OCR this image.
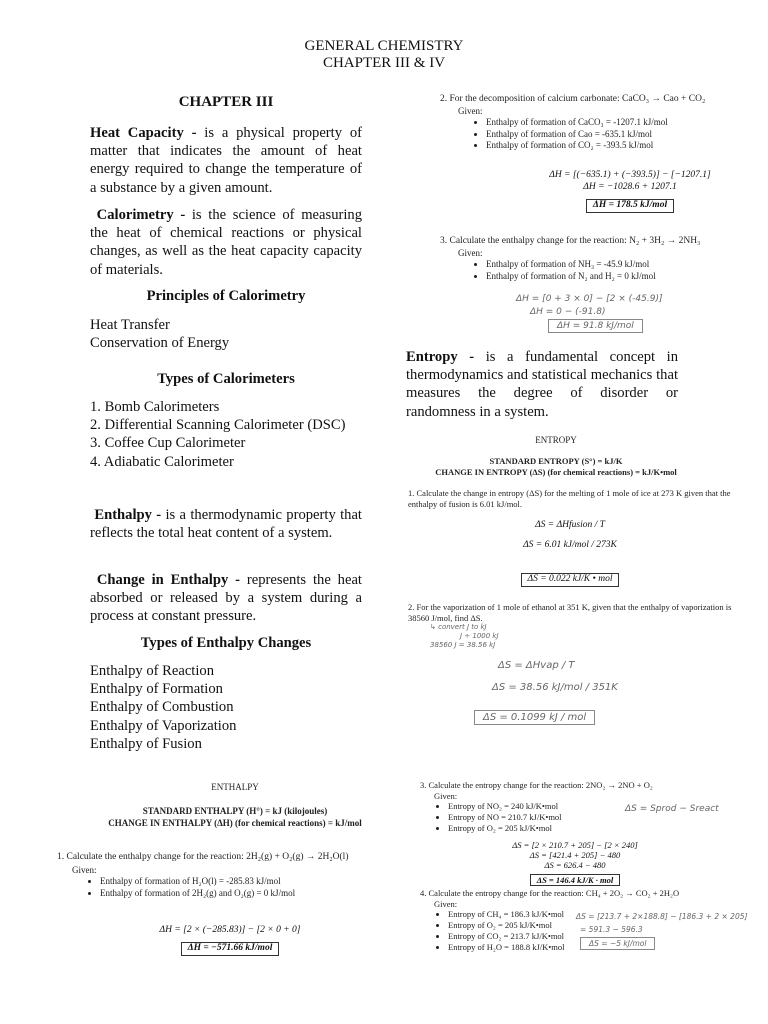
GENERAL CHEMISTRY
CHAPTER III & IV
CHAPTER III

Heat Capacity - is a physical property of matter that indicates the amount of heat energy required to change the temperature of a substance by a given amount.

Calorimetry - is the science of measuring the heat of chemical reactions or physical changes, as well as the heat capacity capacity of materials.

Principles of Calorimetry
Heat Transfer
Conservation of Energy
Types of Calorimeters
1. Bomb Calorimeters
2. Differential Scanning Calorimeter (DSC)
3. Coffee Cup Calorimeter
4. Adiabatic Calorimeter

Enthalpy - is a thermodynamic property that reflects the total heat content of a system.

Change in Enthalpy - represents the heat absorbed or released by a system during a process at constant pressure.

Types of Enthalpy Changes
Enthalpy of Reaction
Enthalpy of Formation
Enthalpy of Combustion
Enthalpy of Vaporization
Enthalpy of Fusion
ENTHALPY
STANDARD ENTHALPY (H°) = kJ (kilojoules)
CHANGE IN ENTHALPY (ΔH) (for chemical reactions) = kJ/mol
1. Calculate the enthalpy change for the reaction: 2H₂(g) + O₂(g) → 2H₂O(l)
Given:
• Enthalpy of formation of H₂O(l) = -285.83 kJ/mol
• Enthalpy of formation of 2H₂(g) and O₂(g) = 0 kJ/mol
ΔH = [2 × (−285.83)] − [2 × 0 + 0]
ΔH = −571.66 kJ/mol
2. For the decomposition of calcium carbonate: CaCO₃ → Cao + CO₂
Given:
• Enthalpy of formation of CaCO₃ = -1207.1 kJ/mol
• Enthalpy of formation of Cao = -635.1 kJ/mol
• Enthalpy of formation of CO₂ = -393.5 kJ/mol
ΔH = [(−635.1) + (−393.5)] − [−1207.1]
ΔH = −1028.6 + 1207.1
ΔH = 178.5 kJ/mol
3. Calculate the enthalpy change for the reaction: N₂ + 3H₂ → 2NH₃
Given:
• Enthalpy of formation of NH₃ = -45.9 kJ/mol
• Enthalpy of formation of N₂ and H₂ = 0 kJ/mol
ΔH = [0 + 3 × 0] − [2 × (-45.9)]
ΔH = 0 − (-91.8)
ΔH = 91.8 kJ/mol

Entropy - is a fundamental concept in thermodynamics and statistical mechanics that measures the degree of disorder or randomness in a system.

ENTROPY
STANDARD ENTROPY (S°) = kJ/K
CHANGE IN ENTROPY (ΔS) (for chemical reactions) = kJ/K•mol
1. Calculate the change in entropy (ΔS) for the melting of 1 mole of ice at 273 K given that the enthalpy of fusion is 6.01 kJ/mol.
ΔS = ΔHfusion / T
ΔS = 6.01 kJ/mol / 273K
ΔS = 0.022 kJ/K • mol
2. For the vaporization of 1 mole of ethanol at 351 K, given that the enthalpy of vaporization is 38560 J/mol, find ΔS.
↳ convert J to kJ
J ÷ 1000 kJ
38560 J = 38.56 kJ
ΔS = ΔHvap / T
ΔS = 38.56 kJ/mol / 351K
ΔS = 0.1099 kJ / mol
3. Calculate the entropy change for the reaction: 2NO₂ → 2NO + O₂
Given:
• Entropy of NO₂ = 240 kJ/K•mol
• Entropy of NO = 210.7 kJ/K•mol
• Entropy of O₂ = 205 kJ/K•mol
ΔS = Sprod − Sreact
ΔS = [2 × 210.7 + 205] − [2 × 240]
ΔS = [421.4 + 205] − 480
ΔS = 626.4 − 480
ΔS = 146.4 kJ/K · mol
4. Calculate the entropy change for the reaction: CH₄ + 2O₂ → CO₂ + 2H₂O
Given:
• Entropy of CH₄ = 186.3 kJ/K•mol
• Entropy of O₂ = 205 kJ/K•mol
• Entropy of CO₂ = 213.7 kJ/K•mol
• Entropy of H₂O = 188.8 kJ/K•mol
ΔS = [213.7 + 2×188.8] − [186.3 + 2 × 205]
= 591.3 − 596.3
ΔS = −5 kJ/mol
